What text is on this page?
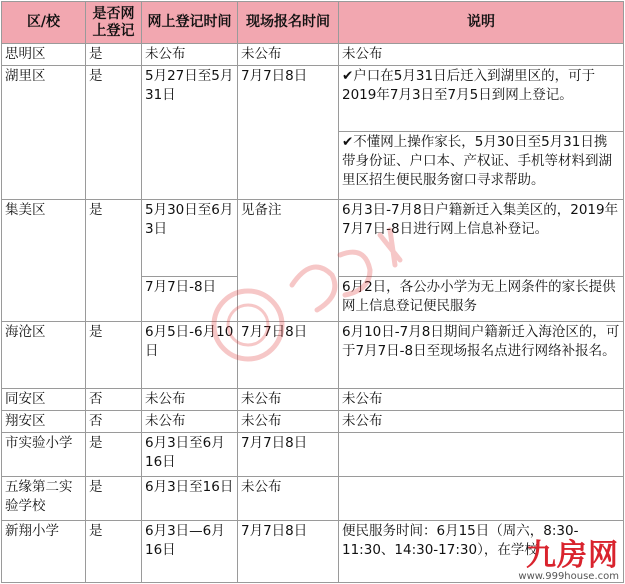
区/校	是否网上登记	网上登记时间	现场报名时间	说明
思明区	是	未公布	未公布	未公布
湖里区	是	5月27日至5月31日	7月7日8日	✔户口在5月31日后迁入到湖里区的，可于2019年7月3日至7月5日到网上登记。
				✔不懂网上操作家长，5月30日至5月31日携带身份证、户口本、产权证、手机等材料到湖里区招生便民服务窗口寻求帮助。
集美区	是	5月30日至6月3日	见备注	6月3日-7月8日户籍新迁入集美区的，2019年7月7日-8日进行网上信息补登记。
		7月7日-8日		6月2日，各公办小学为无上网条件的家长提供网上信息登记便民服务
海沧区	是	6月5日-6月10日	7月7日8日	6月10日-7月8日期间户籍新迁入海沧区的，可于7月7日-8日至现场报名点进行网络补报名。
同安区	否	未公布	未公布	未公布
翔安区	否	未公布	未公布	未公布
市实验小学	是	6月3日至6月16日	7月7日8日	
五缘第二实验学校	是	6月3日至16日	未公布	
新翔小学	是	6月3日—6月16日	7月7日8日	便民服务时间：6月15日（周六，8:30-11:30、14:30-17:30），在学校
九房网
www.999house.com
